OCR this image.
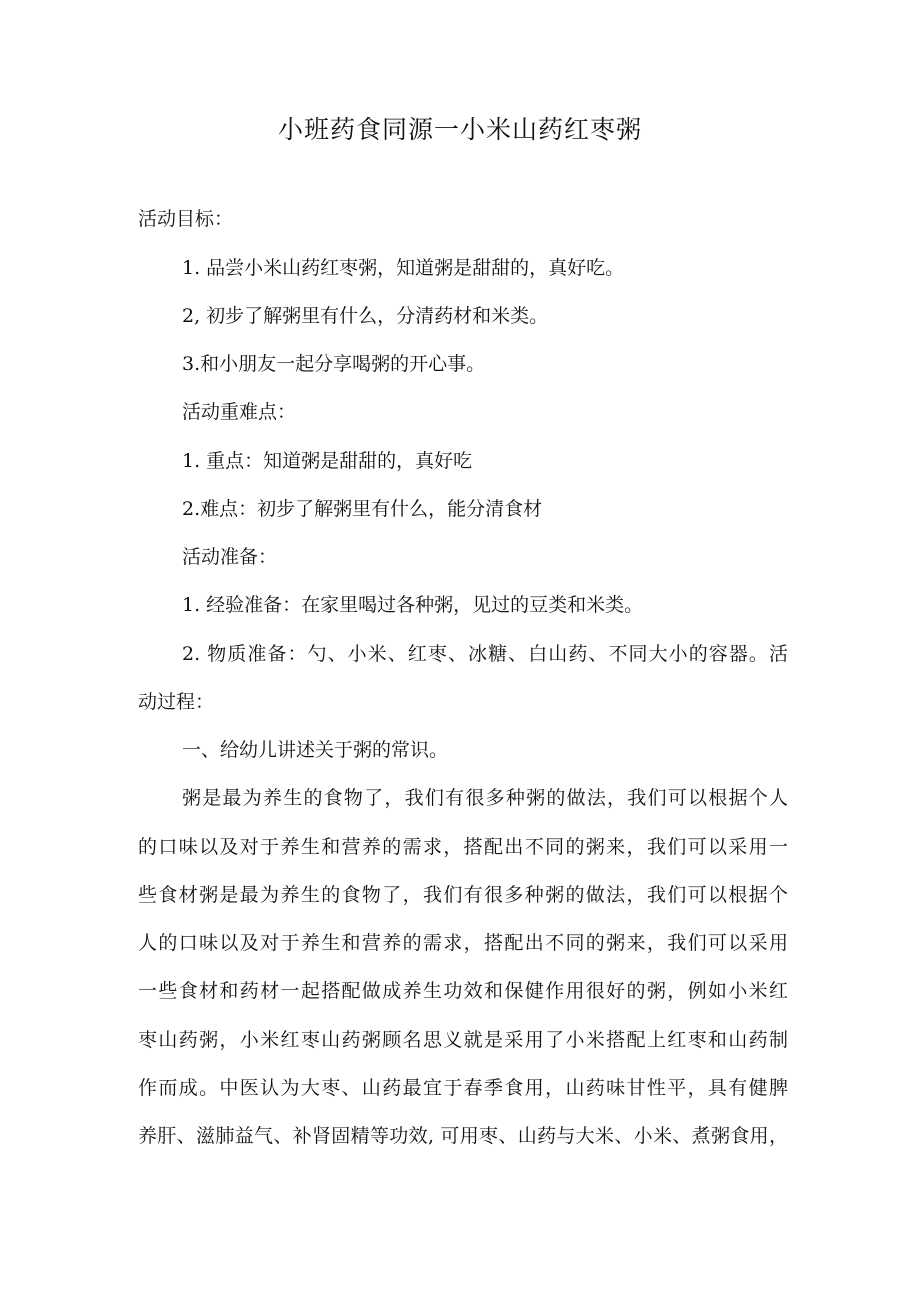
小班药食同源一小米山药红枣粥
活动目标：
1. 品尝小米山药红枣粥，知道粥是甜甜的，真好吃。
2, 初步了解粥里有什么，分清药材和米类。
3.和小朋友一起分享喝粥的开心事。
活动重难点：
1. 重点：知道粥是甜甜的，真好吃
2.难点：初步了解粥里有什么，能分清食材
活动准备：
1. 经验准备：在家里喝过各种粥，见过的豆类和米类。
2. 物质准备：勺、小米、红枣、冰糖、白山药、不同大小的容器。活
动过程：
一、给幼儿讲述关于粥的常识。
粥是最为养生的食物了，我们有很多种粥的做法，我们可以根据个人
的口味以及对于养生和营养的需求，搭配出不同的粥来，我们可以采用一
些食材粥是最为养生的食物了，我们有很多种粥的做法，我们可以根据个
人的口味以及对于养生和营养的需求，搭配出不同的粥来，我们可以采用
一些食材和药材一起搭配做成养生功效和保健作用很好的粥，例如小米红
枣山药粥，小米红枣山药粥顾名思义就是采用了小米搭配上红枣和山药制
作而成。中医认为大枣、山药最宜于春季食用，山药味甘性平，具有健脾
养肝、滋肺益气、补肾固精等功效, 可用枣、山药与大米、小米、煮粥食用，
